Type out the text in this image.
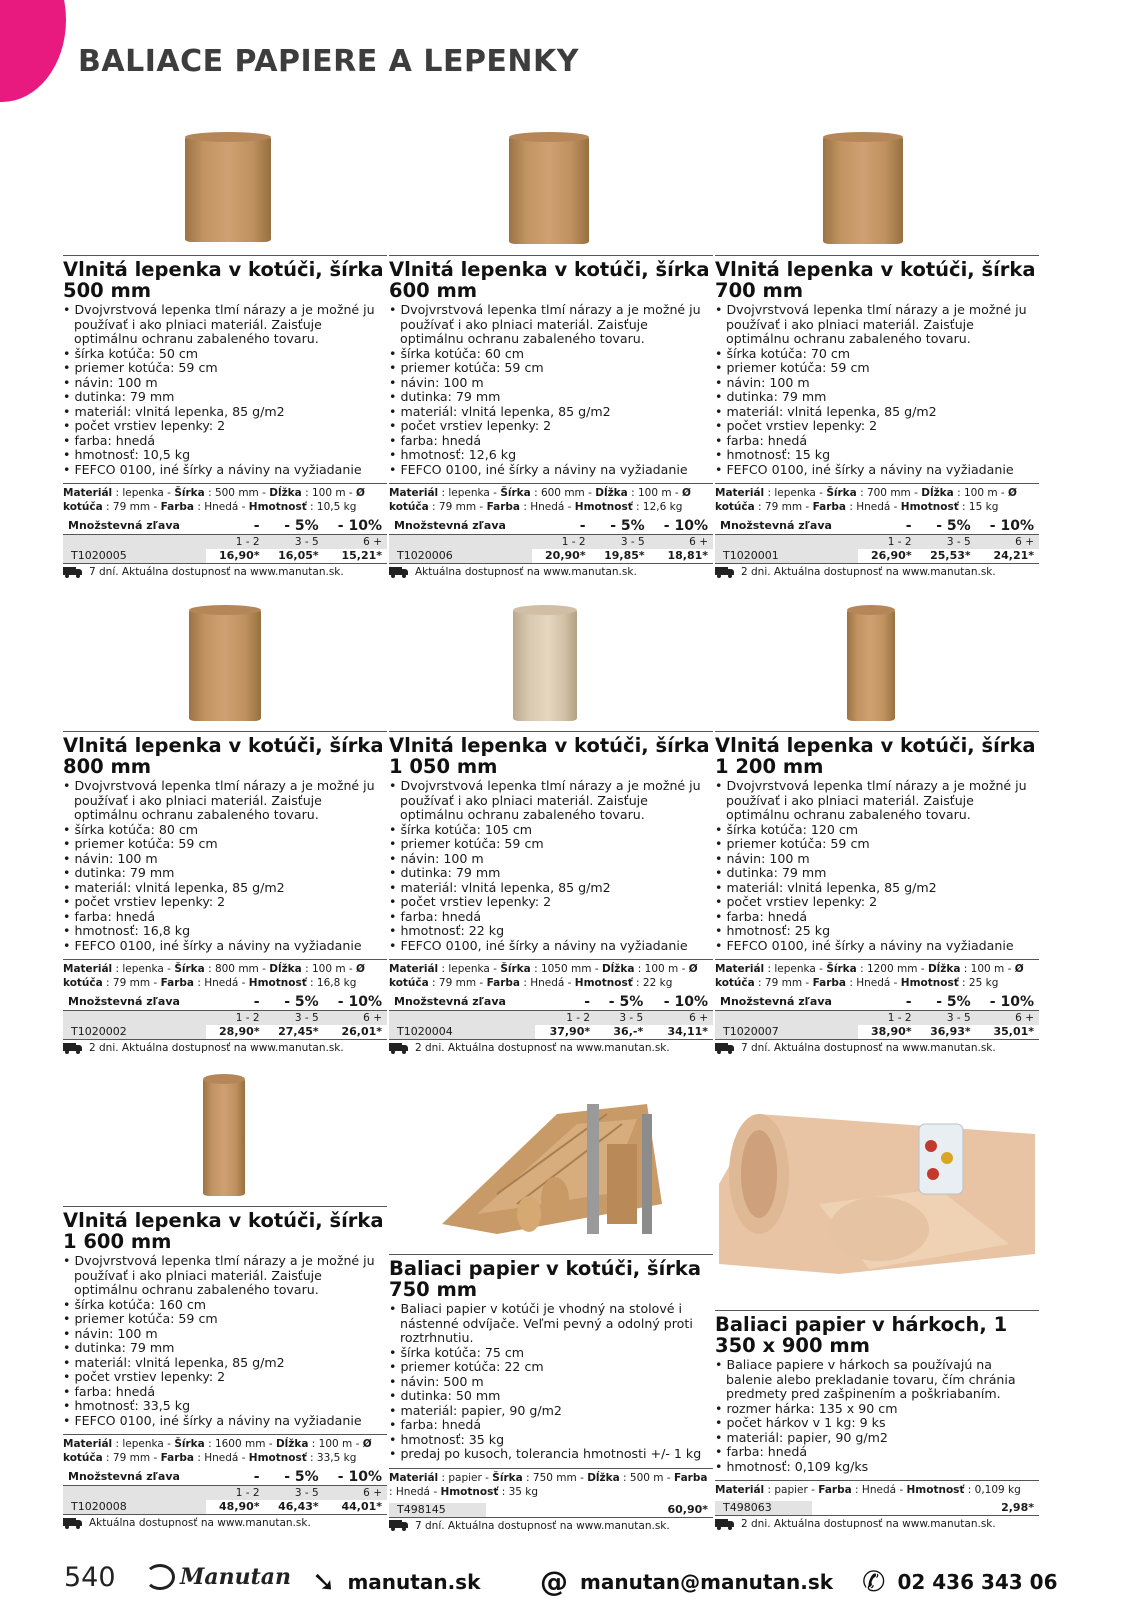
BALIACE PAPIERE A LEPENKY
Vlnitá lepenka v kotúči, šírka 500 mm
• Dvojvrstvová lepenka tlmí nárazy a je možné ju používať i ako plniaci materiál. Zaisťuje optimálnu ochranu zabaleného tovaru.
• šírka kotúča: 50 cm
• priemer kotúča: 59 cm
• návin: 100 m
• dutinka: 79 mm
• materiál: vlnitá lepenka, 85 g/m2
• počet vrstiev lepenky: 2
• farba: hnedá
• hmotnosť: 10,5 kg
• FEFCO 0100, iné šírky a náviny na vyžiadanie
Materiál : lepenka - Šírka : 500 mm - Dĺžka : 100 m - Ø kotúča : 79 mm - Farba : Hnedá - Hmotnosť : 10,5 kg
Množstevná zľava	-	- 5%	- 10%
	1 - 2	3 - 5	6 +
T1020005	16,90*	16,05*	15,21*
7 dní. Aktuálna dostupnosť na www.manutan.sk.
Vlnitá lepenka v kotúči, šírka 600 mm
• Dvojvrstvová lepenka tlmí nárazy a je možné ju používať i ako plniaci materiál. Zaisťuje optimálnu ochranu zabaleného tovaru.
• šírka kotúča: 60 cm
• priemer kotúča: 59 cm
• návin: 100 m
• dutinka: 79 mm
• materiál: vlnitá lepenka, 85 g/m2
• počet vrstiev lepenky: 2
• farba: hnedá
• hmotnosť: 12,6 kg
• FEFCO 0100, iné šírky a náviny na vyžiadanie
Materiál : lepenka - Šírka : 600 mm - Dĺžka : 100 m - Ø kotúča : 79 mm - Farba : Hnedá - Hmotnosť : 12,6 kg
Množstevná zľava	-	- 5%	- 10%
	1 - 2	3 - 5	6 +
T1020006	20,90*	19,85*	18,81*
Aktuálna dostupnosť na www.manutan.sk.
Vlnitá lepenka v kotúči, šírka 700 mm
• Dvojvrstvová lepenka tlmí nárazy a je možné ju používať i ako plniaci materiál. Zaisťuje optimálnu ochranu zabaleného tovaru.
• šírka kotúča: 70 cm
• priemer kotúča: 59 cm
• návin: 100 m
• dutinka: 79 mm
• materiál: vlnitá lepenka, 85 g/m2
• počet vrstiev lepenky: 2
• farba: hnedá
• hmotnosť: 15 kg
• FEFCO 0100, iné šírky a náviny na vyžiadanie
Materiál : lepenka - Šírka : 700 mm - Dĺžka : 100 m - Ø kotúča : 79 mm - Farba : Hnedá - Hmotnosť : 15 kg
Množstevná zľava	-	- 5%	- 10%
	1 - 2	3 - 5	6 +
T1020001	26,90*	25,53*	24,21*
2 dni. Aktuálna dostupnosť na www.manutan.sk.
Vlnitá lepenka v kotúči, šírka 800 mm
• Dvojvrstvová lepenka tlmí nárazy a je možné ju používať i ako plniaci materiál. Zaisťuje optimálnu ochranu zabaleného tovaru.
• šírka kotúča: 80 cm
• priemer kotúča: 59 cm
• návin: 100 m
• dutinka: 79 mm
• materiál: vlnitá lepenka, 85 g/m2
• počet vrstiev lepenky: 2
• farba: hnedá
• hmotnosť: 16,8 kg
• FEFCO 0100, iné šírky a náviny na vyžiadanie
Materiál : lepenka - Šírka : 800 mm - Dĺžka : 100 m - Ø kotúča : 79 mm - Farba : Hnedá - Hmotnosť : 16,8 kg
Množstevná zľava	-	- 5%	- 10%
	1 - 2	3 - 5	6 +
T1020002	28,90*	27,45*	26,01*
2 dni. Aktuálna dostupnosť na www.manutan.sk.
Vlnitá lepenka v kotúči, šírka 1 050 mm
• Dvojvrstvová lepenka tlmí nárazy a je možné ju používať i ako plniaci materiál. Zaisťuje optimálnu ochranu zabaleného tovaru.
• šírka kotúča: 105 cm
• priemer kotúča: 59 cm
• návin: 100 m
• dutinka: 79 mm
• materiál: vlnitá lepenka, 85 g/m2
• počet vrstiev lepenky: 2
• farba: hnedá
• hmotnosť: 22 kg
• FEFCO 0100, iné šírky a náviny na vyžiadanie
Materiál : lepenka - Šírka : 1050 mm - Dĺžka : 100 m - Ø kotúča : 79 mm - Farba : Hnedá - Hmotnosť : 22 kg
Množstevná zľava	-	- 5%	- 10%
	1 - 2	3 - 5	6 +
T1020004	37,90*	36,-*	34,11*
2 dni. Aktuálna dostupnosť na www.manutan.sk.
Vlnitá lepenka v kotúči, šírka 1 200 mm
• Dvojvrstvová lepenka tlmí nárazy a je možné ju používať i ako plniaci materiál. Zaisťuje optimálnu ochranu zabaleného tovaru.
• šírka kotúča: 120 cm
• priemer kotúča: 59 cm
• návin: 100 m
• dutinka: 79 mm
• materiál: vlnitá lepenka, 85 g/m2
• počet vrstiev lepenky: 2
• farba: hnedá
• hmotnosť: 25 kg
• FEFCO 0100, iné šírky a náviny na vyžiadanie
Materiál : lepenka - Šírka : 1200 mm - Dĺžka : 100 m - Ø kotúča : 79 mm - Farba : Hnedá - Hmotnosť : 25 kg
Množstevná zľava	-	- 5%	- 10%
	1 - 2	3 - 5	6 +
T1020007	38,90*	36,93*	35,01*
7 dní. Aktuálna dostupnosť na www.manutan.sk.
Vlnitá lepenka v kotúči, šírka 1 600 mm
• Dvojvrstvová lepenka tlmí nárazy a je možné ju používať i ako plniaci materiál. Zaisťuje optimálnu ochranu zabaleného tovaru.
• šírka kotúča: 160 cm
• priemer kotúča: 59 cm
• návin: 100 m
• dutinka: 79 mm
• materiál: vlnitá lepenka, 85 g/m2
• počet vrstiev lepenky: 2
• farba: hnedá
• hmotnosť: 33,5 kg
• FEFCO 0100, iné šírky a náviny na vyžiadanie
Materiál : lepenka - Šírka : 1600 mm - Dĺžka : 100 m - Ø kotúča : 79 mm - Farba : Hnedá - Hmotnosť : 33,5 kg
Množstevná zľava	-	- 5%	- 10%
	1 - 2	3 - 5	6 +
T1020008	48,90*	46,43*	44,01*
Aktuálna dostupnosť na www.manutan.sk.
Baliaci papier v kotúči, šírka 750 mm
• Baliaci papier v kotúči je vhodný na stolové i nástenné odvíjače. Veľmi pevný a odolný proti roztrhnutiu.
• šírka kotúča: 75 cm
• priemer kotúča: 22 cm
• návin: 500 m
• dutinka: 50 mm
• materiál: papier, 90 g/m2
• farba: hnedá
• hmotnosť: 35 kg
• predaj po kusoch, tolerancia hmotnosti +/- 1 kg
Materiál : papier - Šírka : 750 mm - Dĺžka : 500 m - Farba : Hnedá - Hmotnosť : 35 kg
T498145	60,90*
7 dní. Aktuálna dostupnosť na www.manutan.sk.
Baliaci papier v hárkoch, 1 350 x 900 mm
• Baliace papiere v hárkoch sa používajú na balenie alebo prekladanie tovaru, čím chránia predmety pred zašpinením a poškriabaním.
• rozmer hárka: 135 x 90 cm
• počet hárkov v 1 kg: 9 ks
• materiál: papier, 90 g/m2
• farba: hnedá
• hmotnosť: 0,109 kg/ks
Materiál : papier - Farba : Hnedá - Hmotnosť : 0,109 kg
T498063	2,98*
2 dni. Aktuálna dostupnosť na www.manutan.sk.
540	Manutan ➘ manutan.sk @ manutan@manutan.sk ✆ 02 436 343 06
